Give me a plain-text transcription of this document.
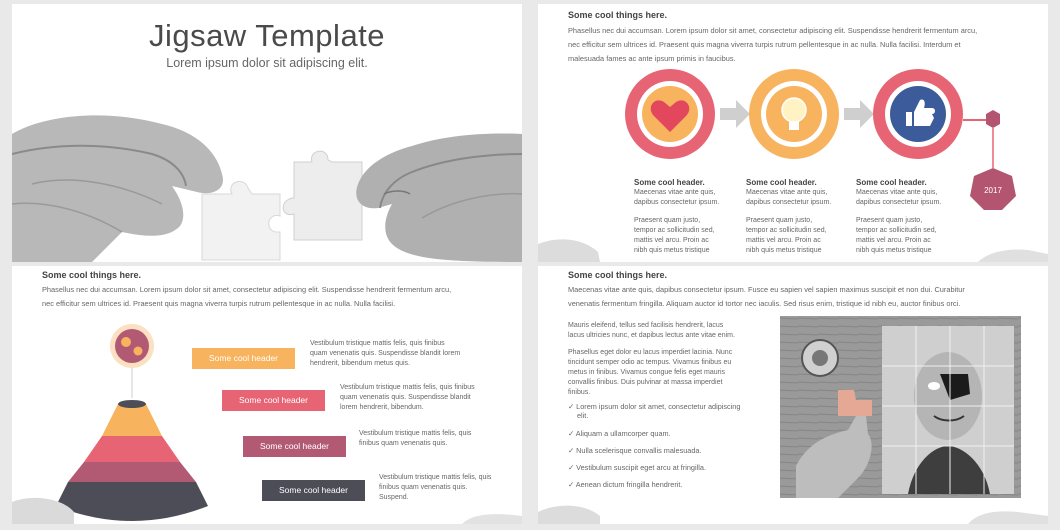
Jigsaw Template
Lorem ipsum dolor sit adipiscing elit.
Some cool things here.
Phasellus nec dui accumsan. Lorem ipsum dolor sit amet, consectetur adipiscing elit. Suspendisse hendrerit fermentum arcu,
nec efficitur sem ultrices id. Praesent quis magna viverra turpis rutrum pellentesque in ac nulla. Nulla facilisi. Interdum et
malesuada fames ac ante ipsum primis in faucibus.
2017
Some cool header.
Maecenas vitae ante quis,
dapibus consectetur ipsum.
Praesent quam justo,
tempor ac sollicitudin sed,
mattis vel arcu. Proin ac
nibh quis metus tristique
Some cool header.
Maecenas vitae ante quis,
dapibus consectetur ipsum.
Praesent quam justo,
tempor ac sollicitudin sed,
mattis vel arcu. Proin ac
nibh quis metus tristique
Some cool header.
Maecenas vitae ante quis,
dapibus consectetur ipsum.
Praesent quam justo,
tempor ac sollicitudin sed,
mattis vel arcu. Proin ac
nibh quis metus tristique
Some cool things here.
Phasellus nec dui accumsan. Lorem ipsum dolor sit amet, consectetur adipiscing elit. Suspendisse hendrerit fermentum arcu,
nec efficitur sem ultrices id. Praesent quis magna viverra turpis rutrum pellentesque in ac nulla. Nulla facilisi.
Some cool header
Some cool header
Some cool header
Some cool header
Vestibulum tristique mattis felis, quis finibus
quam venenatis quis. Suspendisse blandit lorem
hendrerit, bibendum metus quis.
Vestibulum tristique mattis felis, quis finibus
quam venenatis quis. Suspendisse blandit
lorem hendrerit, bibendum.
Vestibulum tristique mattis felis, quis
finibus quam venenatis quis.
Vestibulum tristique mattis felis, quis
finibus quam venenatis quis.
Suspend.
Some cool things here.
Maecenas vitae ante quis, dapibus consectetur ipsum. Fusce eu sapien vel sapien maximus suscipit et non dui. Curabitur
venenatis fermentum fringilla. Aliquam auctor id tortor nec iaculis. Sed risus enim, tristique id nibh eu, auctor finibus orci.
Mauris eleifend, tellus sed facilisis hendrerit, lacus
lacus ultricies nunc, et dapibus lectus ante vitae enim.
Phasellus eget dolor eu lacus imperdiet lacinia. Nunc
tincidunt semper odio ac tempus. Vivamus finibus eu
metus in finibus. Vivamus congue felis eget mauris
convallis finibus. Duis pulvinar at massa imperdiet
finibus.
✓ Lorem ipsum dolor sit amet, consectetur adipiscing
elit.
✓ Aliquam a ullamcorper quam.
✓ Nulla scelerisque convallis malesuada.
✓ Vestibulum suscipit eget arcu at fringilla.
✓ Aenean dictum fringilla hendrerit.
